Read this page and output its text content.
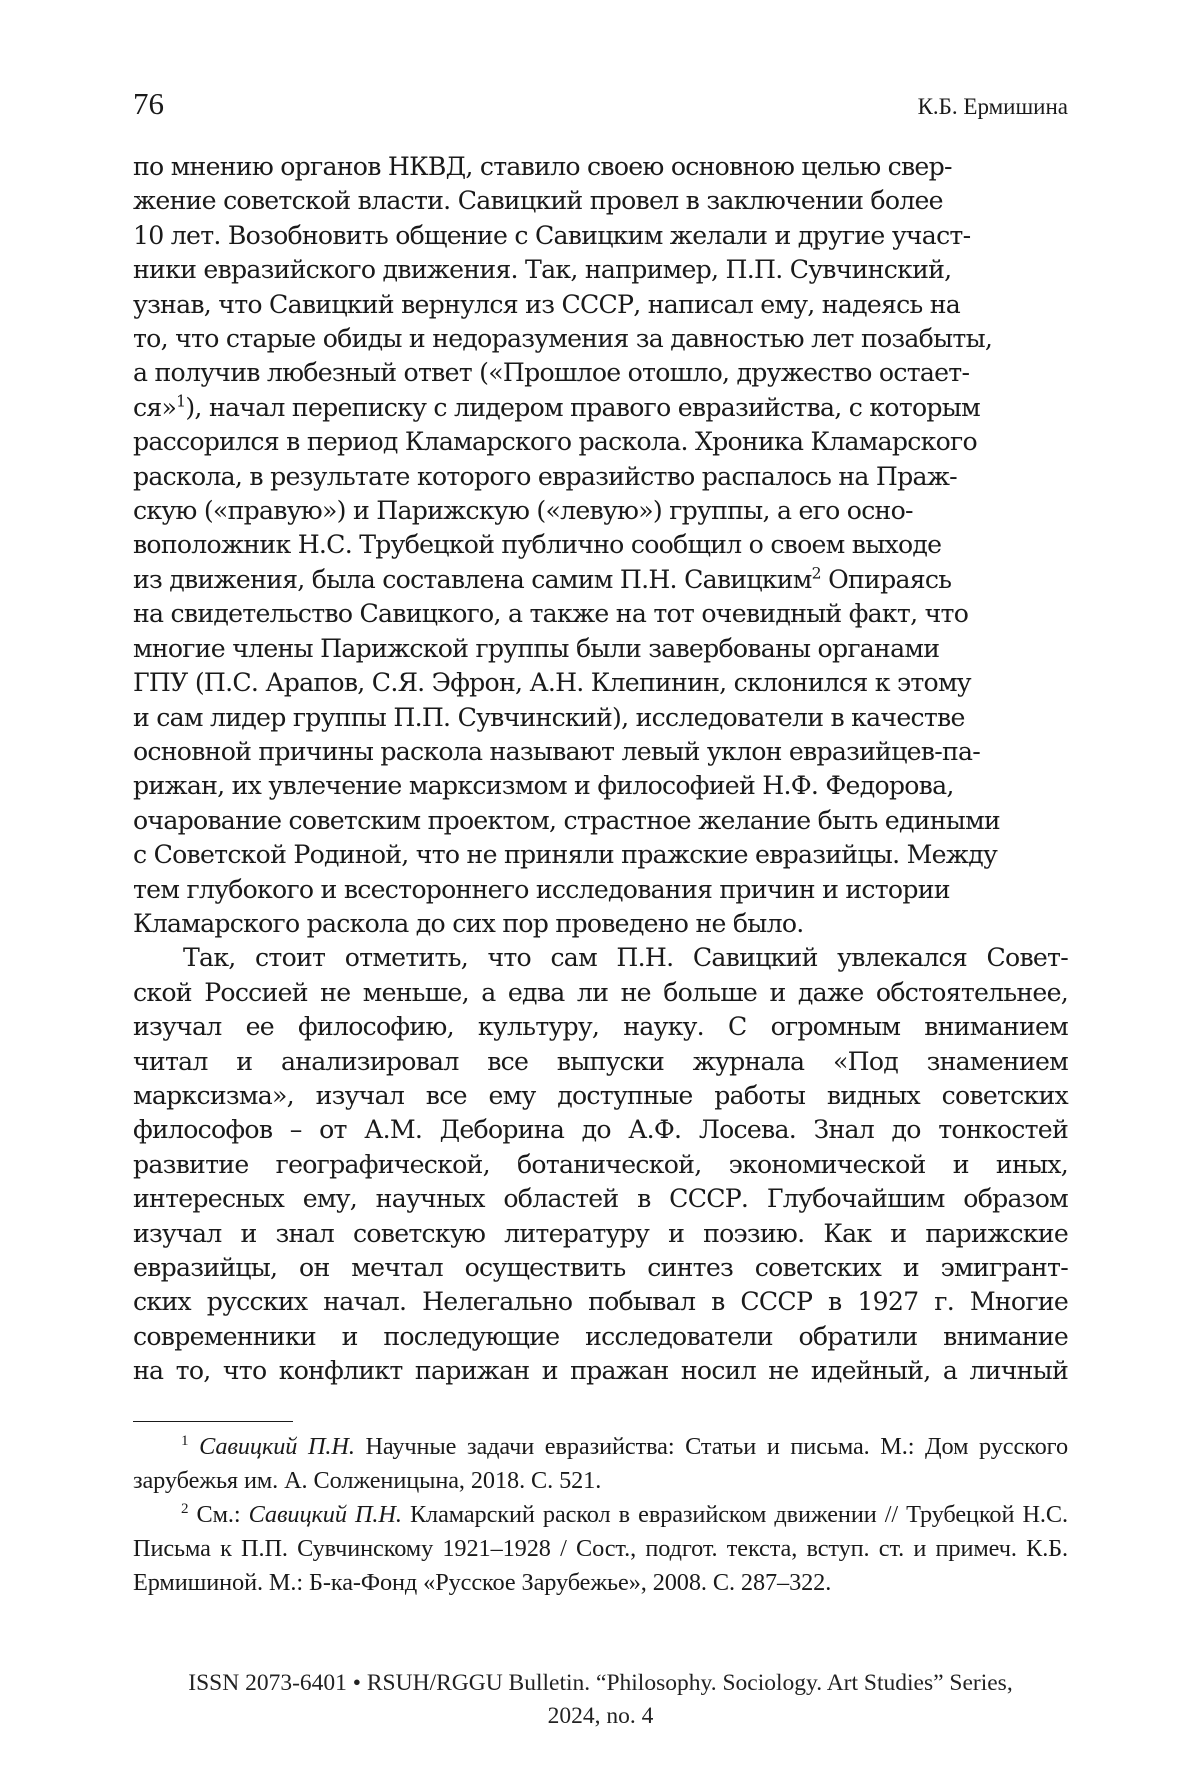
76	К.Б. Ермишина

по мнению органов НКВД, ставило своею основною целью свер-
жение советской власти. Савицкий провел в заключении более
10 лет. Возобновить общение с Савицким желали и другие участ-
ники евразийского движения. Так, например, П.П. Сувчинский,
узнав, что Савицкий вернулся из СССР, написал ему, надеясь на
то, что старые обиды и недоразумения за давностью лет позабыты,
а получив любезный ответ («Прошлое отошло, дружество остает-
ся»$^1$), начал переписку с лидером правого евразийства, с которым
рассорился в период Кламарского раскола. Хроника Кламарского
раскола, в результате которого евразийство распалось на Праж-
скую («правую») и Парижскую («левую») группы, а его осно-
воположник Н.С. Трубецкой публично сообщил о своем выходе
из движения, была составлена самим П.Н. Савицким$^2$ Опираясь
на свидетельство Савицкого, а также на тот очевидный факт, что
многие члены Парижской группы были завербованы органами
ГПУ (П.С. Арапов, С.Я. Эфрон, А.Н. Клепинин, склонился к этому
и сам лидер группы П.П. Сувчинский), исследователи в качестве
основной причины раскола называют левый уклон евразийцев-па-
рижан, их увлечение марксизмом и философией Н.Ф. Федорова,
очарование советским проектом, страстное желание быть едиными
с Советской Родиной, что не приняли пражские евразийцы. Между
тем глубокого и всестороннего исследования причин и истории
Кламарского раскола до сих пор проведено не было.

Так, стоит отметить, что сам П.Н. Савицкий увлекался Совет-
ской Россией не меньше, а едва ли не больше и даже обстоятельнее,
изучал ее философию, культуру, науку. С огромным вниманием
читал и анализировал все выпуски журнала «Под знамением
марксизма», изучал все ему доступные работы видных советских
философов – от А.М. Деборина до А.Ф. Лосева. Знал до тонкостей
развитие географической, ботанической, экономической и иных,
интересных ему, научных областей в СССР. Глубочайшим образом
изучал и знал советскую литературу и поэзию. Как и парижские
евразийцы, он мечтал осуществить синтез советских и эмигрант-
ских русских начал. Нелегально побывал в СССР в 1927 г. Многие
современники и последующие исследователи обратили внимание
на то, что конфликт парижан и пражан носил не идейный, а личный

$^1$ Савицкий П.Н. Научные задачи евразийства: Статьи и письма. М.: Дом русского зарубежья им. А. Солженицына, 2018. С. 521.

$^2$ См.: Савицкий П.Н. Кламарский раскол в евразийском движении // Трубецкой Н.С. Письма к П.П. Сувчинскому 1921–1928 / Сост., подгот. текста, вступ. ст. и примеч. К.Б. Ермишиной. М.: Б-ка-Фонд «Русское Зарубежье», 2008. С. 287–322.

ISSN 2073-6401 • RSUH/RGGU Bulletin. “Philosophy. Sociology. Art Studies” Series,
2024, no. 4
